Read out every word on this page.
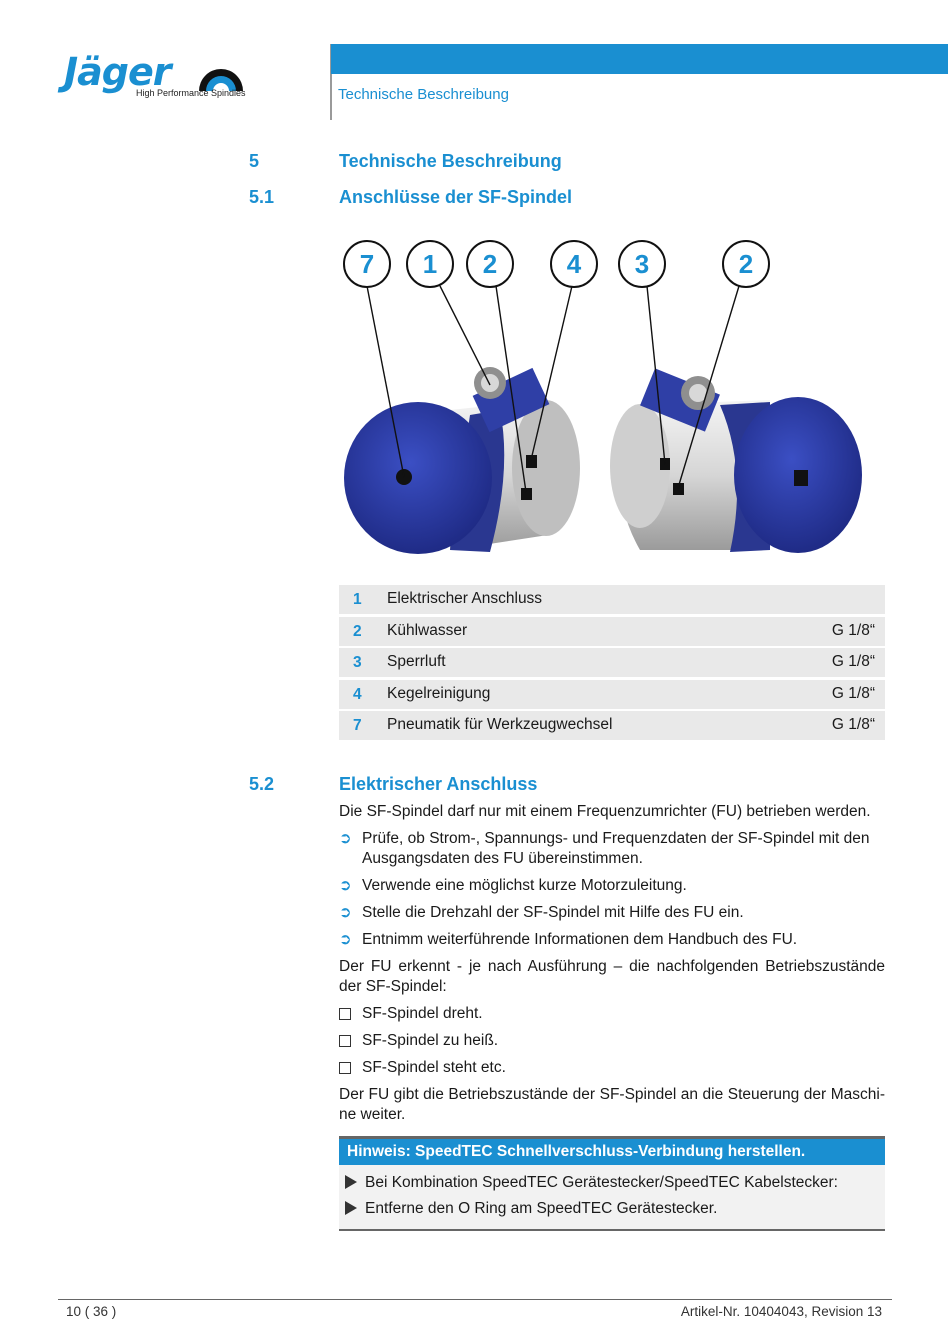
Jäger
High Performance Spindles	Technische Beschreibung
5	Technische Beschreibung
5.1	Anschlüsse der SF-Spindel
7 1 2	4 3	2
1 Elektrischer Anschluss
2 Kühlwasser	G 1/8“
3 Sperrluft	G 1/8“
4 Kegelreinigung	G 1/8“
7 Pneumatik für Werkzeugwechsel	G 1/8“
5.2	Elektrischer Anschluss
Die SF-Spindel darf nur mit einem Frequenzumrichter (FU) betrieben werden.
➲ Prüfe, ob Strom-, Spannungs- und Frequenzdaten der SF-Spindel mit den Ausgangsdaten des FU übereinstimmen.
➲ Verwende eine möglichst kurze Motorzuleitung.
➲ Stelle die Drehzahl der SF-Spindel mit Hilfe des FU ein.
➲ Entnimm weiterführende Informationen dem Handbuch des FU.
Der FU erkennt - je nach Ausführung – die nachfolgenden Betriebszustände der SF-Spindel:
SF-Spindel dreht.
SF-Spindel zu heiß.
SF-Spindel steht etc.
Der FU gibt die Betriebszustände der SF-Spindel an die Steuerung der Maschi-ne weiter.
Hinweis: SpeedTEC Schnellverschluss-Verbindung herstellen.
Bei Kombination SpeedTEC Gerätestecker/SpeedTEC Kabelstecker:
Entferne den O Ring am SpeedTEC Gerätestecker.
10 ( 36 )	Artikel-Nr. 10404043, Revision 13
